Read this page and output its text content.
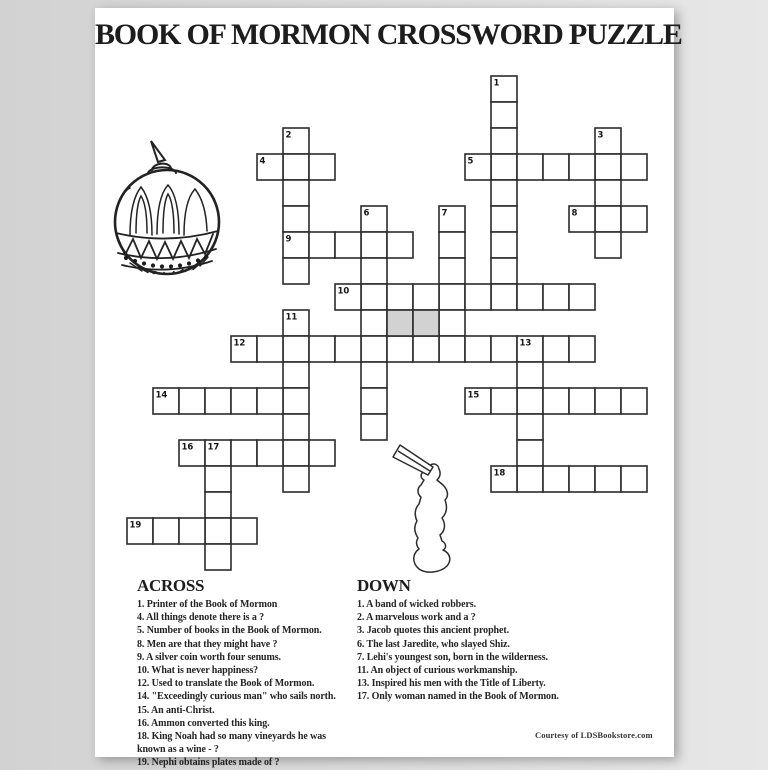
BOOK OF MORMON CROSSWORD PUZZLE
1
2
9
3
4	5
6	7	8
10
11
12	13
14	15
16 17
18
19
ACROSS
1. Printer of the Book of Mormon
4. All things denote there is a ?
5. Number of books in the Book of Mormon.
8. Men are that they might have ?
9. A silver coin worth four senums.
10. What is never happiness?
12. Used to translate the Book of Mormon.
14. "Exceedingly curious man" who sails north.
15. An anti-Christ.
16. Ammon converted this king.
18. King Noah had so many vineyards he was known as a wine - ?
19. Nephi obtains plates made of ?
DOWN
1. A band of wicked robbers.
2. A marvelous work and a ?
3. Jacob quotes this ancient prophet.
6. The last Jaredite, who slayed Shiz.
7. Lehi's youngest son, born in the wilderness.
11. An object of curious workmanship.
13. Inspired his men with the Title of Liberty.
17. Only woman named in the Book of Mormon.
Courtesy of LDSBookstore.com
